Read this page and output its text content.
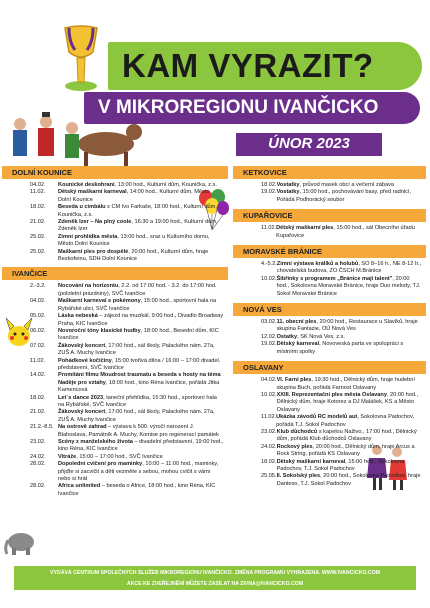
KAM VYRAZIT?
V MIKROREGIONU IVANČICKO
ÚNOR 2023
DOLNÍ KOUNICE
04.02.	Kounické deskohraní, 13:00 hod., Kulturní dům, Kounička, z.s.
11.02.	Dětský maškarní karneval, 14:00 hod., Kulturní dům, Město Dolní Kounice
18.02.	Beseda u cimbálu s CM Ivo Farkaše, 18:00 hod., Kulturní dům, Kounička, z.s.
21.02.	Zdeněk Izer – Na plný coole, 16:30 a 19:00 hod., Kulturní dům, Zdeněk Izer
25.02.	Zimní prohlídka města, 13:00 hod., sraz u Kulturního domu, Město Dolní Kounice
25.02.	Maškarní ples pro dospělé, 20:00 hod., Kulturní dům, hraje Bezkofeinu, SDH Dolní Kounice
IVANČICE
2.-3.2.	Nocování na horizontu, 2.2. od 17:00 hod. - 3.2. do 17:00 hod. (pololetní prázdniny), SVČ Ivančice
04.02.	Maškarní karneval s pokémony, 15:00 hod., sportovní hala na Rybářské ulici, SVČ Ivančice
05.02.	Láska nebeská – zájezd na muzikál, 9:00 hod., Divadlo Broadway Praha, KIC Ivančice
06.02.	Novoroční tóny klasické hudby, 18:00 hod., Besední dům, KIC Ivančice
07.02.	Žákovský koncert, 17:00 hod., sál školy, Palackého nám. 27a, ZUŠ A. Muchy Ivančice
11.02.	Pohádkové kočičiny, 15:00 tvořivá dílna / 16:00 – 17:00 divadel. představení, SVČ Ivančice
14.02.	Promítání filmu Moudrost traumatu a beseda s hosty na téma Naděje pro vztahy, 18:00 hod., kino Réna Ivančice, pořádá Jitka Kamencová
18.02.	Let´s dance 2023, taneční přehlídka, 15:30 hod., sportovní hala na Rybářské, SVČ Ivančice
21.02.	Žákovský koncert, 17:00 hod., sál školy, Palackého nám. 27a, ZUŠ A. Muchy Ivančice
21.2.-8.5. Na ostrově zahrad – výstava k 500. výročí narození J. Blahoslava, Památník A. Muchy, Komise pro regenerací památek
23.02.	Scény z manželského života – divadelní představení, 19:00 hod., kino Réna, KIC Ivančice
24.02.	Vitráže, 15:00 – 17:00 hod., SVČ Ivančice
28.02.	Dopolední cvičení pro maminky, 10:00 – 11:00 hod., maminky, přijďte si zacvičit a děti vezměte s sebou, mohou cvičit s vámi nebo si hrát
28.02.	Africa unlimited – beseda o Africe, 18:00 hod., kino Réna, KIC Ivančice
KETKOVICE
18.02. Vostatky, průvod masek obcí a večerní zábava
19.02. Vostatky, 15:00 hod., pochovávání basy, před radnicí, Pořádá Podhorácký soubor
KUPAŘOVICE
11.02. Dětský maškarní ples, 15:00 hod., sál Obecního úřadu Kupařovice
MORAVSKÉ BRÁNICE
4.-5.2. Zimní výstava králíků a holubů, SO 8–16 h., NE 8-12 h., chovatelská budova, ZO ČSCH M.Bránice
10.02. Šibřinky s programem „Bránice mají talent", 20:00 hod., Sokolovna Moravské Bránice, hraje Duo melody, TJ. Sokol Moravské Bránice
NOVÁ VES
03.02. 11. obecní ples, 20:00 hod., Restaurace u Slavíků, hraje skupina Fantazie, OÚ Nová Ves
12.02. Ostatky, SK Nová Ves, z.s.
19.02. Dětský karneval, Novoveská parta ve spolupráci s místními spolky
OSLAVANY
04.02. VI. Farní ples, 19:30 hod., Dělnický dům, hraje hudební skupina Buch, pořádá Farnost Oslavany
10.02. XXIII. Reprezentační ples města Oslavany, 20:00 hod., Dělnický dům, hraje Kotorez a DJ Malášek, KS a Město Oslavany
11.02. Ukázka závodů RC modelů aut, Sokolovna Padochov, pořádá T.J. Sokol Padochov
23.02. Klub důchodců s kapelou Naživo., 17:00 hod., Dělnický dům, pořádá Klub důchodců Oslavany
24.02. Rockový ples, 20:00 hod., Dělnický dům, hraje Arcus a Rock String, pořádá KS Oslavany
18.02. Dětský maškarní karneval, 15:00 hod., Sokolovna Padochov, T.J. Sokol Padochov
25.05. II. Sokolský ples, 20:00 hod., Sokolovna Padochov, hraje Danteso, T.J. Sokol Padochov
VYDÁVÁ CENTRUM SPOLEČNÝCH SLUŽEB MIKROREGIONU IVANČICKO. ZMĚNA PROGRAMU VYHRAZENA. WWW.IVANCICKO.COM
AKCE KE ZVEŘEJNĚNÍ MŮŽETE ZASÍLAT NA ZIVNA@IVANCICKO.COM
